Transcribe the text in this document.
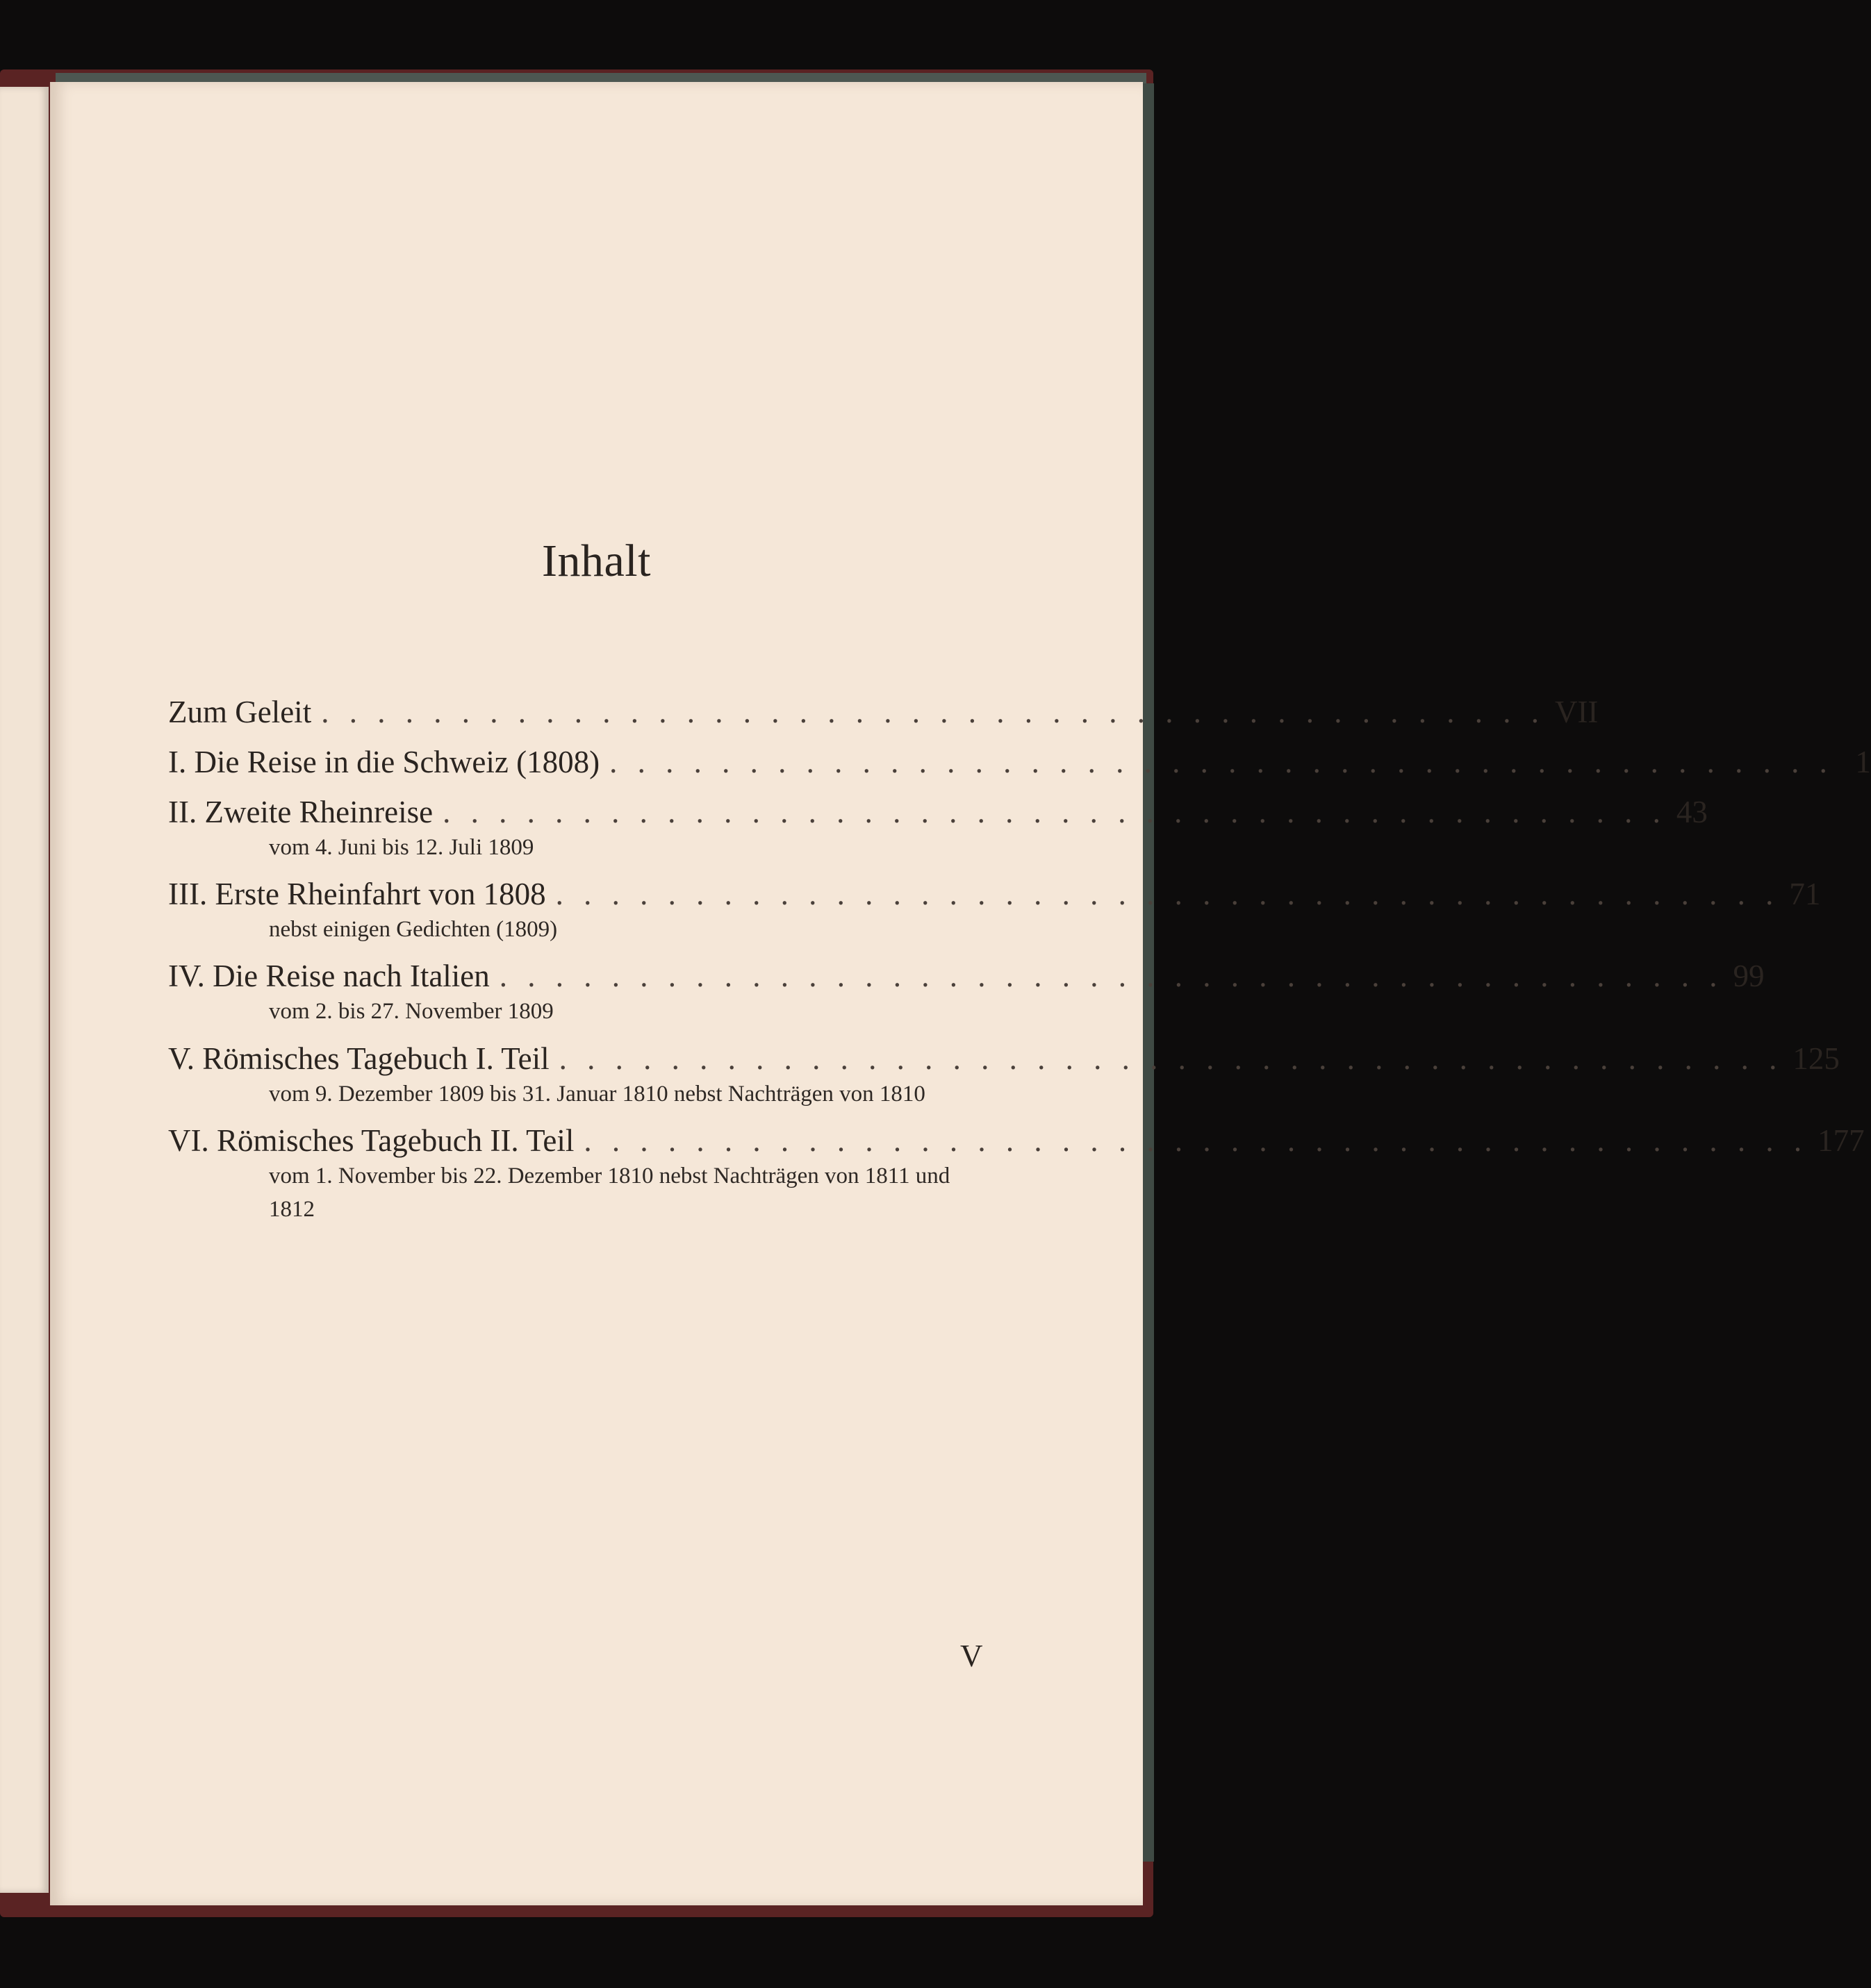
Inhalt
Zum Geleit . . . . . . . . . . . . . . . . . . . . . . . . . . . . . . . . . . . . . . . . . . . . VII
I. Die Reise in die Schweiz (1808) . . . . . . . . . . . . . . . . . . . . . . . . . . . . . . . . . . . . . . . . . . . . 1
II. Zweite Rheinreise . . . . . . . . . . . . . . . . . . . . . . . . . . . . . . . . . . . . . . . . . . . . 43
vom 4. Juni bis 12. Juli 1809
III. Erste Rheinfahrt von 1808 . . . . . . . . . . . . . . . . . . . . . . . . . . . . . . . . . . . . . . . . . . . . 71
nebst einigen Gedichten (1809)
IV. Die Reise nach Italien . . . . . . . . . . . . . . . . . . . . . . . . . . . . . . . . . . . . . . . . . . . . 99
vom 2. bis 27. November 1809
V. Römisches Tagebuch I. Teil . . . . . . . . . . . . . . . . . . . . . . . . . . . . . . . . . . . . . . . . . . . . 125
vom 9. Dezember 1809 bis 31. Januar 1810 nebst Nachträgen von 1810
VI. Römisches Tagebuch II. Teil . . . . . . . . . . . . . . . . . . . . . . . . . . . . . . . . . . . . . . . . . . . . 177
vom 1. November bis 22. Dezember 1810 nebst Nachträgen von 1811 und 1812
V
